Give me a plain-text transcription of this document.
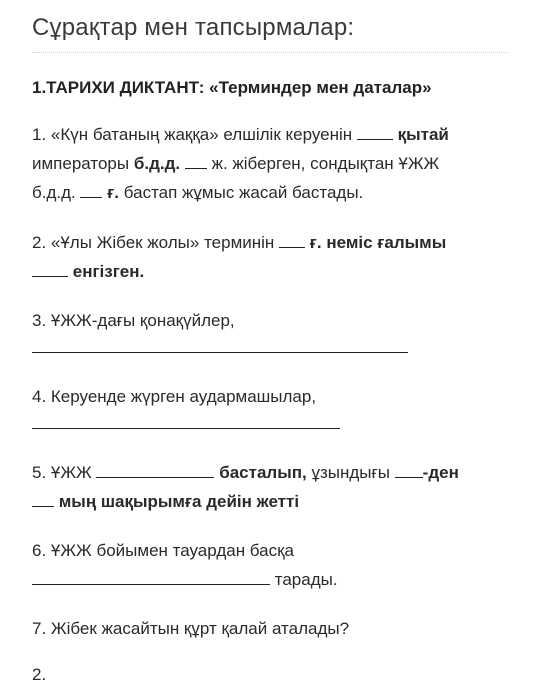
Сұрақтар мен тапсырмалар:
1.ТАРИХИ ДИКТАНТ: «Терминдер мен даталар»
1. «Күн батаның жаққа» елшілік керуенін	қытай
императоры б.д.д. ж. жіберген, сондықтан ҰЖЖ
б.д.д. ғ. бастап жұмыс жасай бастады.
2. «Ұлы Жібек жолы» терминін ғ. неміс ғалымы
енгізген.
3. ҰЖЖ-дағы қонақүйлер,
4. Керуенде жүрген аудармашылар,
5. ҰЖЖ	басталып, ұзындығы -ден
мың шақырымға дейін жетті
6. ҰЖЖ бойымен тауардан басқа
тарады.
7. Жібек жасайтын құрт қалай аталады?
2.
